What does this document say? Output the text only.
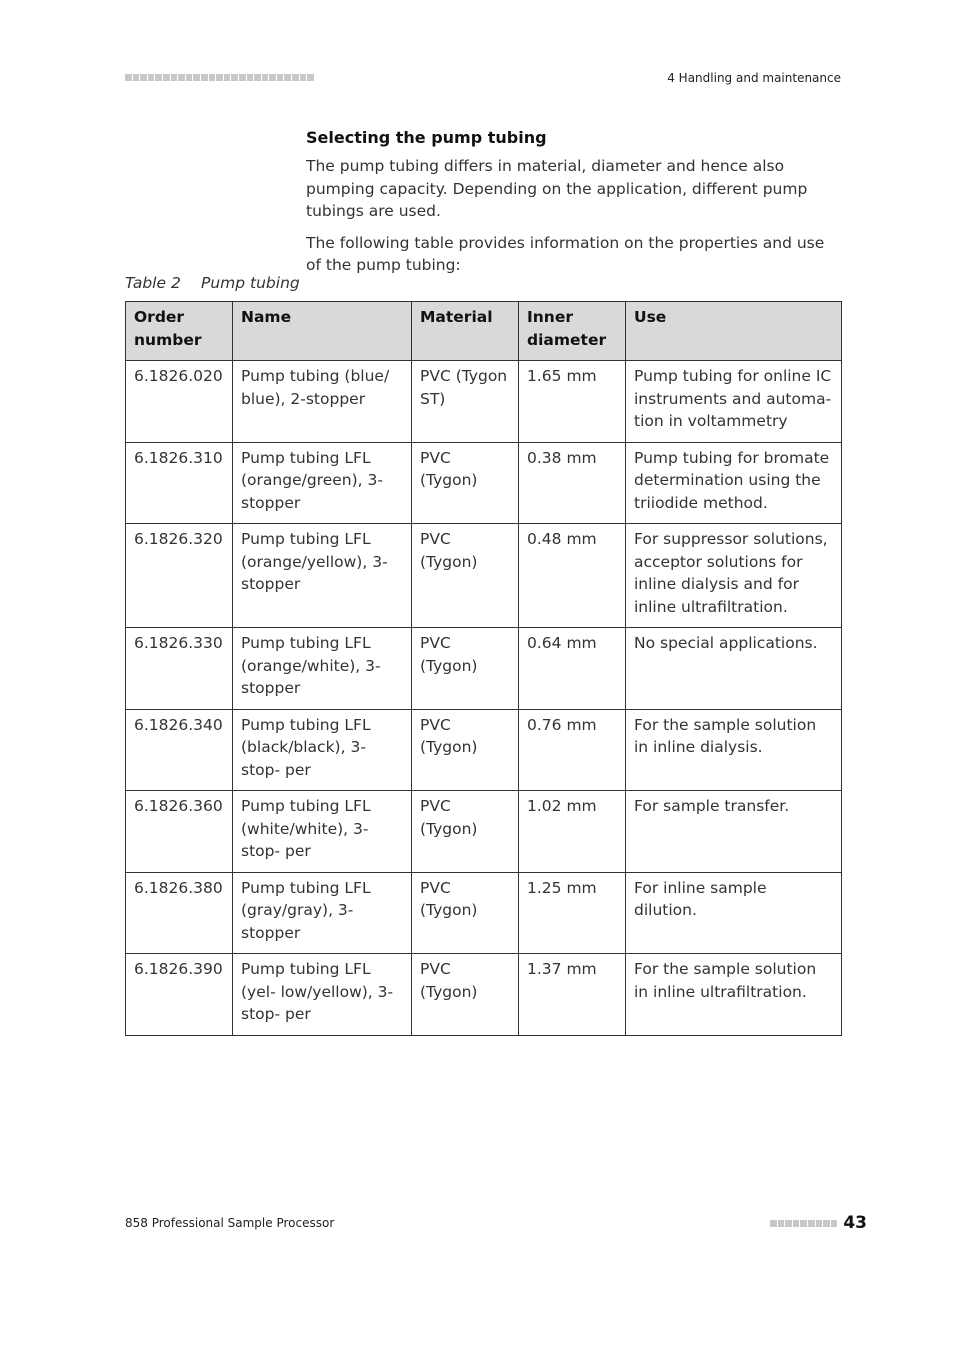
4 Handling and maintenance
Selecting the pump tubing

The pump tubing differs in material, diameter and hence also pumping capacity. Depending on the application, different pump tubings are used.

The following table provides information on the properties and use of the pump tubing:

Table 2 Pump tubing
Order number	Name	Material	Inner diameter	Use
6.1826.020	Pump tubing (blue/ blue), 2-stopper	PVC (Tygon ST)	1.65 mm	Pump tubing for online IC instruments and automa- tion in voltammetry
6.1826.310	Pump tubing LFL (orange/green), 3- stopper	PVC (Tygon)	0.38 mm	Pump tubing for bromate determination using the triiodide method.
6.1826.320	Pump tubing LFL (orange/yellow), 3- stopper	PVC (Tygon)	0.48 mm	For suppressor solutions, acceptor solutions for inline dialysis and for inline ultrafiltration.
6.1826.330	Pump tubing LFL (orange/white), 3- stopper	PVC (Tygon)	0.64 mm	No special applications.
6.1826.340	Pump tubing LFL (black/black), 3-stop- per	PVC (Tygon)	0.76 mm	For the sample solution in inline dialysis.
6.1826.360	Pump tubing LFL (white/white), 3-stop- per	PVC (Tygon)	1.02 mm	For sample transfer.
6.1826.380	Pump tubing LFL (gray/gray), 3-stopper	PVC (Tygon)	1.25 mm	For inline sample dilution.
6.1826.390	Pump tubing LFL (yel- low/yellow), 3-stop- per	PVC (Tygon)	1.37 mm	For the sample solution in inline ultrafiltration.
858 Professional Sample Processor	43
